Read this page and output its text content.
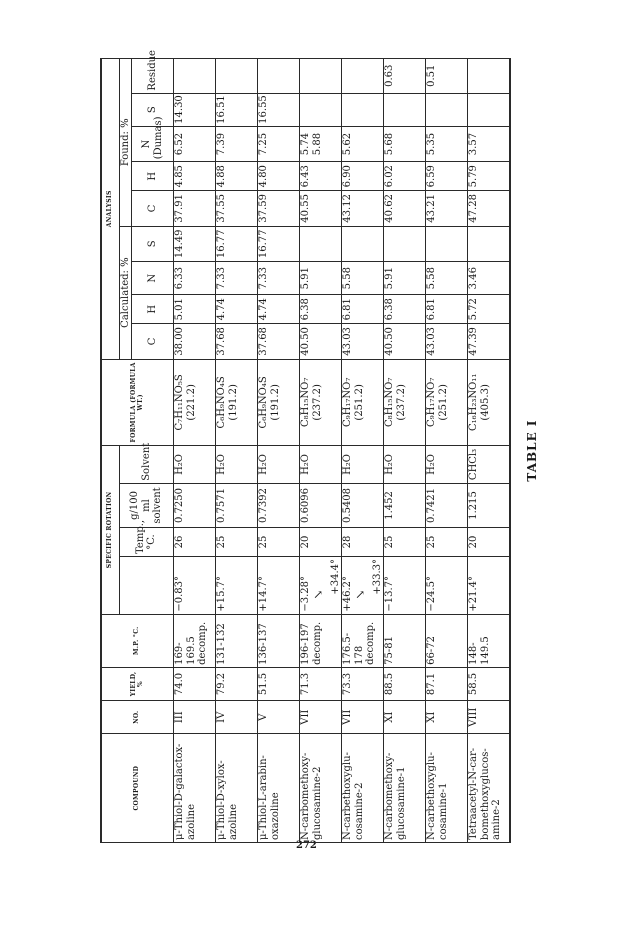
272
TABLE I
COMPOUND	NO.	YIELD, %	M.P. °C.	SPECIFIC ROTATION				FORMULA (FORMULA WT.)	ANALYSIS								
					Temp., °C.	g/100 ml solvent	Solvent		Calculated: %				Found: %				
									C	H	N	S	C	H	N (Dumas)	S	Residue
μ-Thiol-D-galactox-azoline	III	74.0	169-169.5 decomp.	−0.83°	26	0.7250	H₂O	C₇H₁₁NO₅S (221.2)	38.00	5.01	6.33	14.49	37.91	4.85	6.52	14.30	
μ-Thiol-D-xylox-azoline	IV	79.2	131-132	+15.7°	25	0.7571	H₂O	C₆H₉NO₄S (191.2)	37.68	4.74	7.33	16.77	37.55	4.88	7.39	16.51	
μ-Thiol-L-arabin-oxazoline	V	51.5	136-137	+14.7°	25	0.7392	H₂O	C₆H₉NO₄S (191.2)	37.68	4.74	7.33	16.77	37.59	4.80	7.25	16.55	
N-carbomethoxy-glucosamine-2	VII	71.3	196-197 decomp.	−3.28° ↘ +34.4°	20	0.6096	H₂O	C₈H₁₅NO₇ (237.2)	40.50	6.38	5.91		40.55	6.43	5.74 5.88		
N-carbethoxyglu-cosamine-2	VII	73.3	176.5-178 decomp.	+46.2° ↘ +33.3°	28	0.5408	H₂O	C₉H₁₇NO₇ (251.2)	43.03	6.81	5.58		43.12	6.90	5.62		
N-carbomethoxy-glucosamine-1	XI	88.5	75-81	−13.7°	25	1.452	H₂O	C₈H₁₅NO₇ (237.2)	40.50	6.38	5.91		40.62	6.02	5.68		0.63
N-carbethoxyglu-cosamine-1	XI	87.1	66-72	−24.5°	25	0.7421	H₂O	C₉H₁₇NO₇ (251.2)	43.03	6.81	5.58		43.21	6.59	5.35		0.51
Tetraacetyl-N-car-bomethoxyglucos-amine-2	VIII	58.5	148-149.5	+21.4°	20	1.215	CHCl₃	C₁₆H₂₃NO₁₁ (405.3)	47.39	5.72	3.46		47.28	5.79	3.57		
